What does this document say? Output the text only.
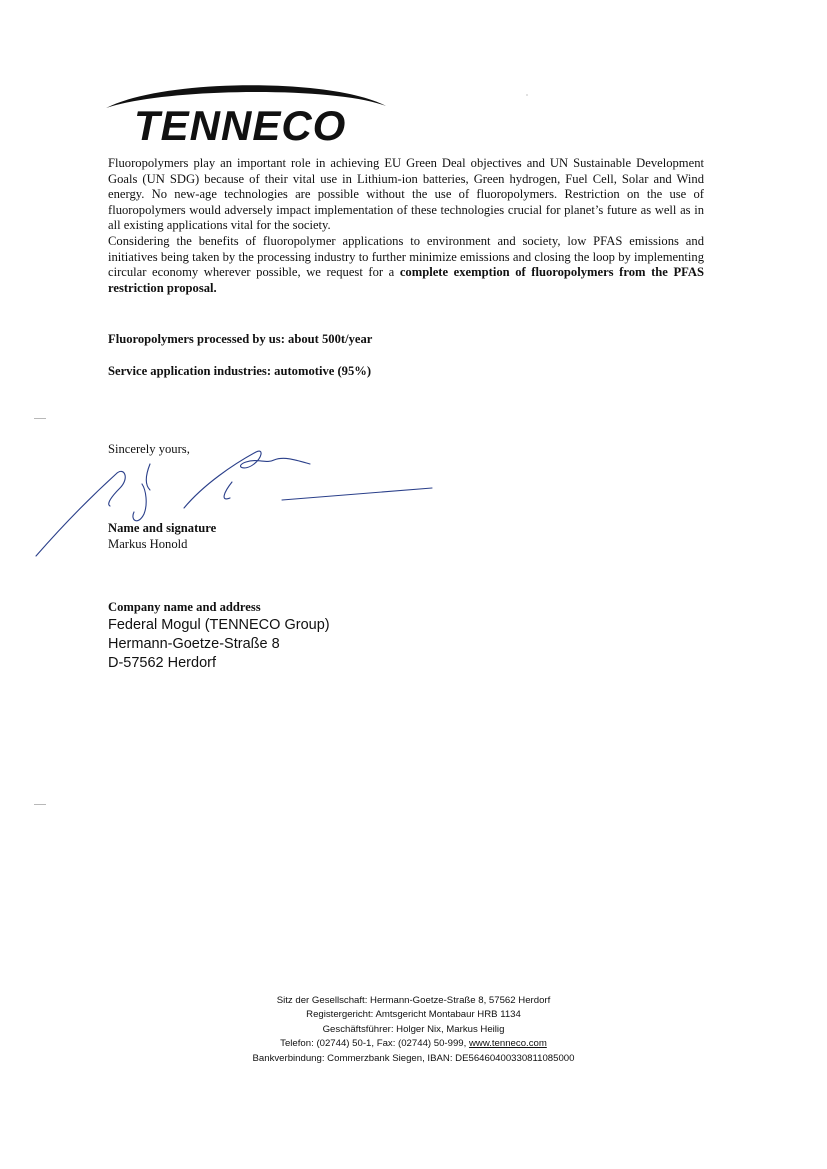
TENNECO

Fluoropolymers play an important role in achieving EU Green Deal objectives and UN Sustainable Development Goals (UN SDG) because of their vital use in Lithium-ion batteries, Green hydrogen, Fuel Cell, Solar and Wind energy. No new-age technologies are possible without the use of fluoropolymers. Restriction on the use of fluoropolymers would adversely impact implementation of these technologies crucial for planet’s future as well as in all existing applications vital for the society.

Considering the benefits of fluoropolymer applications to environment and society, low PFAS emissions and initiatives being taken by the processing industry to further minimize emissions and closing the loop by implementing circular economy wherever possible, we request for a complete exemption of fluoropolymers from the PFAS restriction proposal.

Fluoropolymers processed by us: about 500t/year
Service application industries: automotive (95%)
Sincerely yours,
Name and signature
Markus Honold
Company name and address
Federal Mogul (TENNECO Group)
Hermann-Goetze-Straße 8
D-57562 Herdorf
Sitz der Gesellschaft: Hermann-Goetze-Straße 8, 57562 Herdorf
Registergericht: Amtsgericht Montabaur HRB 1134
Geschäftsführer: Holger Nix, Markus Heilig
Telefon: (02744) 50-1, Fax: (02744) 50-999, www.tenneco.com
Bankverbindung: Commerzbank Siegen, IBAN: DE56460400330811085000
